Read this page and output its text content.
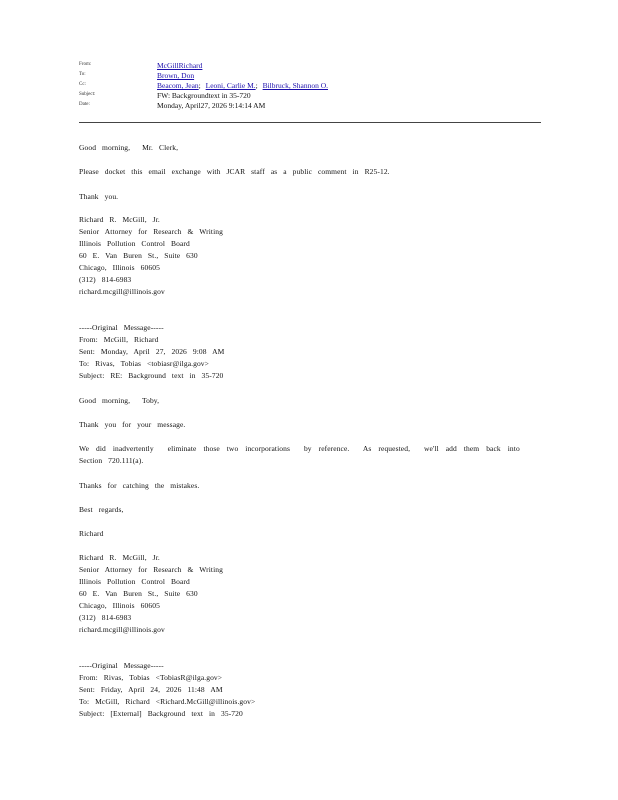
From:	McGillRichard
To:	Brown, Don
Cc:	Beacom, Jean; Leoni, Carlie M.; Bilbruck, Shannon O.
Subject:	FW: Backgroundtext in 35-720
Date:	Monday, April27, 2026 9:14:14 AM
Good morning,  Mr. Clerk,
Please docket this email exchange with JCAR staff as a public comment in R25-12.
Thank you.
Richard R. McGill, Jr.
Senior Attorney for Research & Writing
Illinois Pollution Control Board
60 E. Van Buren St., Suite 630
Chicago, Illinois 60605
(312) 814-6983
richard.mcgill@illinois.gov
-----Original Message-----
From: McGill, Richard
Sent: Monday, April 27, 2026 9:08 AM
To: Rivas, Tobias <tobiasr@ilga.gov>
Subject: RE: Background text in 35-720
Good morning,  Toby,
Thank you for your message.
We did inadvertently  eliminate those two incorporations  by reference.  As requested,  we'll add them back into
Section 720.111(a).
Thanks for catching the mistakes.
Best regards,
Richard
Richard R. McGill, Jr.
Senior Attorney for Research & Writing
Illinois Pollution Control Board
60 E. Van Buren St., Suite 630
Chicago, Illinois 60605
(312) 814-6983
richard.mcgill@illinois.gov
-----Original Message-----
From: Rivas, Tobias <TobiasR@ilga.gov>
Sent: Friday, April 24, 2026 11:48 AM
To: McGill, Richard <Richard.McGill@illinois.gov>
Subject: [External] Background text in 35-720
